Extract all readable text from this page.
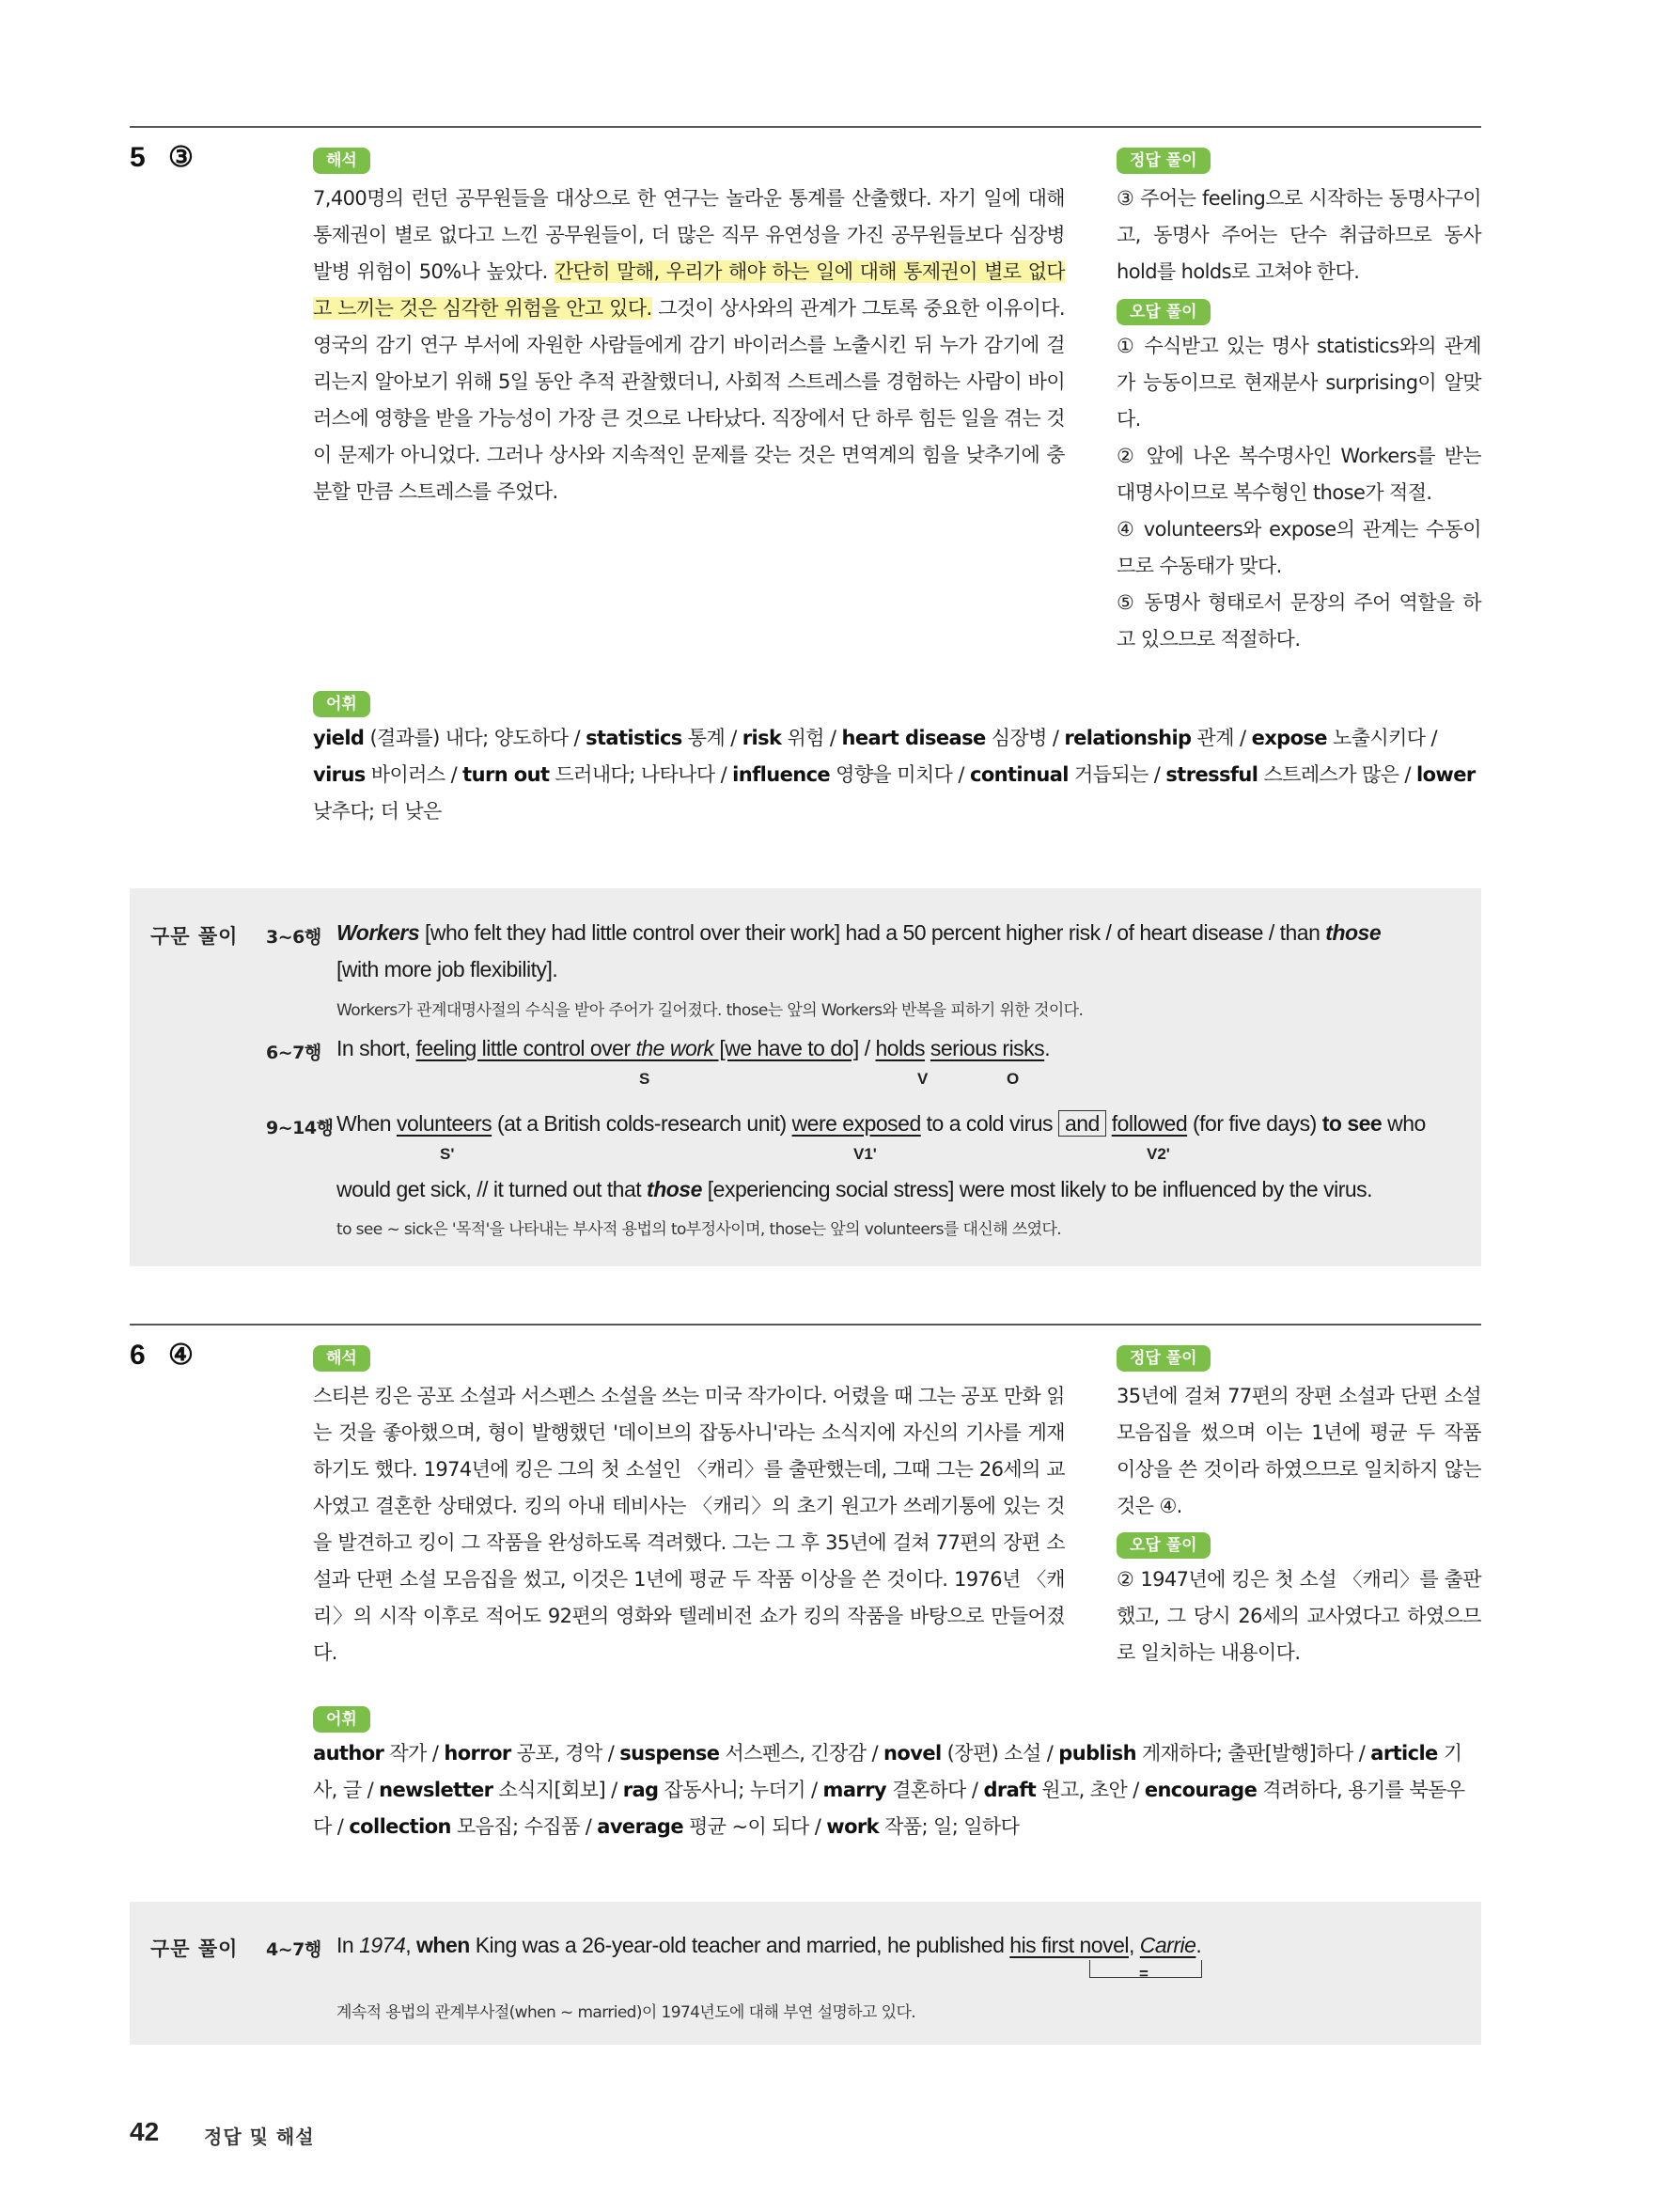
5 ③	해석

7,400명의 런던 공무원들을 대상으로 한 연구는 놀라운 통계를 산출했다. 자기 일에 대해 통제권이 별로 없다고 느낀 공무원들이, 더 많은 직무 유연성을 가진 공무원들보다 심장병 발병 위험이 50%나 높았다. 간단히 말해, 우리가 해야 하는 일에 대해 통제권이 별로 없다고 느끼는 것은 심각한 위험을 안고 있다. 그것이 상사와의 관계가 그토록 중요한 이유이다. 영국의 감기 연구 부서에 자원한 사람들에게 감기 바이러스를 노출시킨 뒤 누가 감기에 걸리는지 알아보기 위해 5일 동안 추적 관찰했더니, 사회적 스트레스를 경험하는 사람이 바이러스에 영향을 받을 가능성이 가장 큰 것으로 나타났다. 직장에서 단 하루 힘든 일을 겪는 것이 문제가 아니었다. 그러나 상사와 지속적인 문제를 갖는 것은 면역계의 힘을 낮추기에 충분할 만큼 스트레스를 주었다.

정답 풀이
③ 주어는 feeling으로 시작하는 동명사구이고, 동명사 주어는 단수 취급하므로 동사 hold를 holds로 고쳐야 한다.
오답 풀이

① 수식받고 있는 명사 statistics와의 관계가 능동이므로 현재분사 surprising이 알맞다.

② 앞에 나온 복수명사인 Workers를 받는 대명사이므로 복수형인 those가 적절.

④ volunteers와 expose의 관계는 수동이므로 수동태가 맞다.

⑤ 동명사 형태로서 문장의 주어 역할을 하고 있으므로 적절하다.

어휘
yield (결과를) 내다; 양도하다 / statistics 통계 / risk 위험 / heart disease 심장병 / relationship 관계 / expose 노출시키다 / virus 바이러스 / turn out 드러내다; 나타나다 / influence 영향을 미치다 / continual 거듭되는 / stressful 스트레스가 많은 / lower 낮추다; 더 낮은
구문 풀이 3~6행 Workers [who felt they had little control over their work] had a 50 percent higher risk / of heart disease / than those
[with more job flexibility].
Workers가 관계대명사절의 수식을 받아 주어가 길어졌다. those는 앞의 Workers와 반복을 피하기 위한 것이다.
6~7행 In short, feeling little control over the work [we have to do] / holds serious risks.
S	V	O
9~14행 When volunteers (at a British colds-research unit) were exposed to a cold virus and followed (for five days) to see who
S'	V1'	V2'
would get sick, // it turned out that those [experiencing social stress] were most likely to be influenced by the virus.
to see ~ sick은 '목적'을 나타내는 부사적 용법의 to부정사이며, those는 앞의 volunteers를 대신해 쓰였다.
6 ④	해석
스티븐 킹은 공포 소설과 서스펜스 소설을 쓰는 미국 작가이다. 어렸을 때 그는 공포 만화 읽는 것을 좋아했으며, 형이 발행했던 '데이브의 잡동사니'라는 소식지에 자신의 기사를 게재하기도 했다. 1974년에 킹은 그의 첫 소설인 〈캐리〉를 출판했는데, 그때 그는 26세의 교사였고 결혼한 상태였다. 킹의 아내 테비사는 〈캐리〉의 초기 원고가 쓰레기통에 있는 것을 발견하고 킹이 그 작품을 완성하도록 격려했다. 그는 그 후 35년에 걸쳐 77편의 장편 소설과 단편 소설 모음집을 썼고, 이것은 1년에 평균 두 작품 이상을 쓴 것이다. 1976년 〈캐리〉의 시작 이후로 적어도 92편의 영화와 텔레비전 쇼가 킹의 작품을 바탕으로 만들어졌다.
정답 풀이
35년에 걸쳐 77편의 장편 소설과 단편 소설 모음집을 썼으며 이는 1년에 평균 두 작품 이상을 쓴 것이라 하였으므로 일치하지 않는 것은 ④.
오답 풀이
② 1947년에 킹은 첫 소설 〈캐리〉를 출판했고, 그 당시 26세의 교사였다고 하였으므로 일치하는 내용이다.
어휘
author 작가 / horror 공포, 경악 / suspense 서스펜스, 긴장감 / novel (장편) 소설 / publish 게재하다; 출판[발행]하다 / article 기사, 글 / newsletter 소식지[회보] / rag 잡동사니; 누더기 / marry 결혼하다 / draft 원고, 초안 / encourage 격려하다, 용기를 북돋우다 / collection 모음집; 수집품 / average 평균 ~이 되다 / work 작품; 일; 일하다
구문 풀이 4~7행 In 1974, when King was a 26-year-old teacher and married, he published his first novel, Carrie.
=
계속적 용법의 관계부사절(when ~ married)이 1974년도에 대해 부연 설명하고 있다.
42 정답 및 해설
